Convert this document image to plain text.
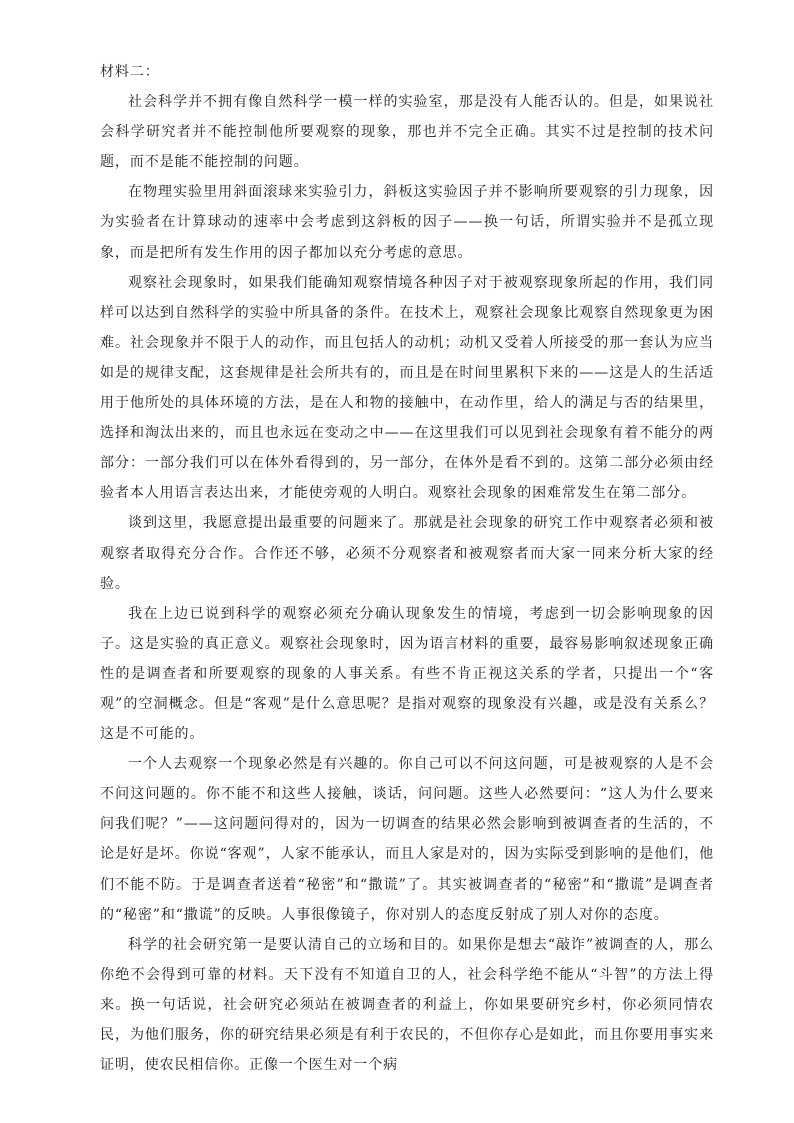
材料二：

社会科学并不拥有像自然科学一模一样的实验室，那是没有人能否认的。但是，如果说社会科学研究者并不能控制他所要观察的现象，那也并不完全正确。其实不过是控制的技术问题，而不是能不能控制的问题。

在物理实验里用斜面滚球来实验引力，斜板这实验因子并不影响所要观察的引力现象，因为实验者在计算球动的速率中会考虑到这斜板的因子——换一句话，所谓实验并不是孤立现象，而是把所有发生作用的因子都加以充分考虑的意思。

观察社会现象时，如果我们能确知观察情境各种因子对于被观察现象所起的作用，我们同样可以达到自然科学的实验中所具备的条件。在技术上，观察社会现象比观察自然现象更为困难。社会现象并不限于人的动作，而且包括人的动机；动机又受着人所接受的那一套认为应当如是的规律支配，这套规律是社会所共有的，而且是在时间里累积下来的——这是人的生活适用于他所处的具体环境的方法，是在人和物的接触中，在动作里，给人的满足与否的结果里，选择和淘汰出来的，而且也永远在变动之中——在这里我们可以见到社会现象有着不能分的两部分：一部分我们可以在体外看得到的，另一部分，在体外是看不到的。这第二部分必须由经验者本人用语言表达出来，才能使旁观的人明白。观察社会现象的困难常发生在第二部分。

谈到这里，我愿意提出最重要的问题来了。那就是社会现象的研究工作中观察者必须和被观察者取得充分合作。合作还不够，必须不分观察者和被观察者而大家一同来分析大家的经验。

我在上边已说到科学的观察必须充分确认现象发生的情境，考虑到一切会影响现象的因子。这是实验的真正意义。观察社会现象时，因为语言材料的重要，最容易影响叙述现象正确性的是调查者和所要观察的现象的人事关系。有些不肯正视这关系的学者，只提出一个“客观”的空洞概念。但是“客观”是什么意思呢？是指对观察的现象没有兴趣，或是没有关系么？这是不可能的。

一个人去观察一个现象必然是有兴趣的。你自己可以不问这问题，可是被观察的人是不会不问这问题的。你不能不和这些人接触，谈话，问问题。这些人必然要问：“这人为什么要来问我们呢？”——这问题问得对的，因为一切调查的结果必然会影响到被调查者的生活的，不论是好是坏。你说“客观”，人家不能承认，而且人家是对的，因为实际受到影响的是他们，他们不能不防。于是调查者送着“秘密”和“撒谎”了。其实被调查者的“秘密”和“撒谎”是调查者的“秘密”和“撒谎”的反映。人事很像镜子，你对别人的态度反射成了别人对你的态度。

科学的社会研究第一是要认清自己的立场和目的。如果你是想去“敲诈”被调查的人，那么你绝不会得到可靠的材料。天下没有不知道自卫的人，社会科学绝不能从“斗智”的方法上得来。换一句话说，社会研究必须站在被调查者的利益上，你如果要研究乡村，你必须同情农民，为他们服务，你的研究结果必须是有利于农民的，不但你存心是如此，而且你要用事实来证明，使农民相信你。正像一个医生对一个病
